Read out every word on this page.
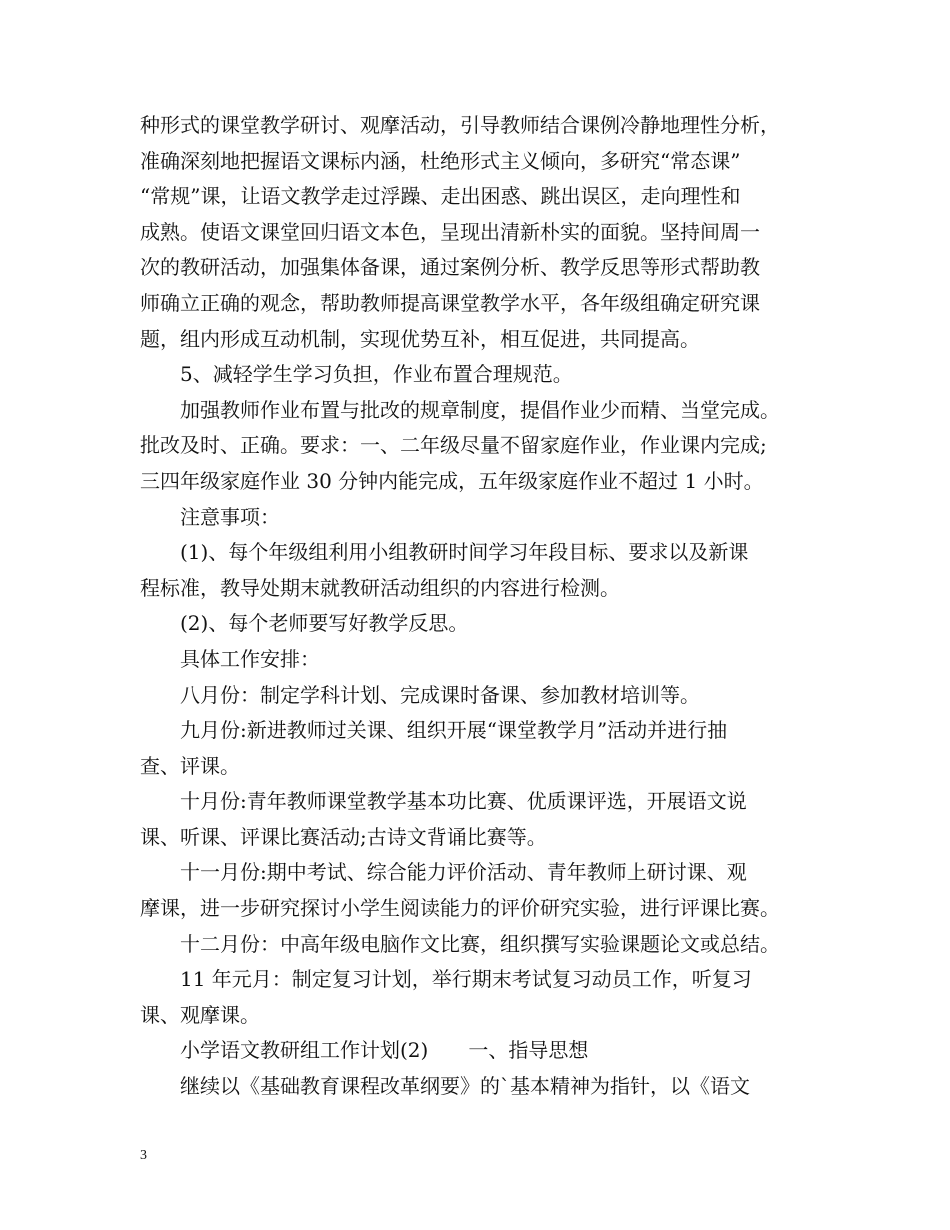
种形式的课堂教学研讨、观摩活动，引导教师结合课例冷静地理性分析，
准确深刻地把握语文课标内涵，杜绝形式主义倾向，多研究“常态课”
“常规”课，让语文教学走过浮躁、走出困惑、跳出误区，走向理性和
成熟。使语文课堂回归语文本色，呈现出清新朴实的面貌。坚持间周一
次的教研活动，加强集体备课，通过案例分析、教学反思等形式帮助教
师确立正确的观念，帮助教师提高课堂教学水平，各年级组确定研究课
题，组内形成互动机制，实现优势互补，相互促进，共同提高。
5、减轻学生学习负担，作业布置合理规范。
加强教师作业布置与批改的规章制度，提倡作业少而精、当堂完成。
批改及时、正确。要求：一、二年级尽量不留家庭作业，作业课内完成;
三四年级家庭作业 30 分钟内能完成，五年级家庭作业不超过 1 小时。
注意事项：
(1)、每个年级组利用小组教研时间学习年段目标、要求以及新课
程标准，教导处期末就教研活动组织的内容进行检测。
(2)、每个老师要写好教学反思。
具体工作安排：
八月份：制定学科计划、完成课时备课、参加教材培训等。
九月份:新进教师过关课、组织开展“课堂教学月”活动并进行抽
查、评课。
十月份:青年教师课堂教学基本功比赛、优质课评选，开展语文说
课、听课、评课比赛活动;古诗文背诵比赛等。
十一月份:期中考试、综合能力评价活动、青年教师上研讨课、观
摩课，进一步研究探讨小学生阅读能力的评价研究实验，进行评课比赛。
十二月份：中高年级电脑作文比赛，组织撰写实验课题论文或总结。
11 年元月：制定复习计划，举行期末考试复习动员工作，听复习
课、观摩课。
小学语文教研组工作计划(2)　　一、指导思想
继续以《基础教育课程改革纲要》的`基本精神为指针，以《语文
3
